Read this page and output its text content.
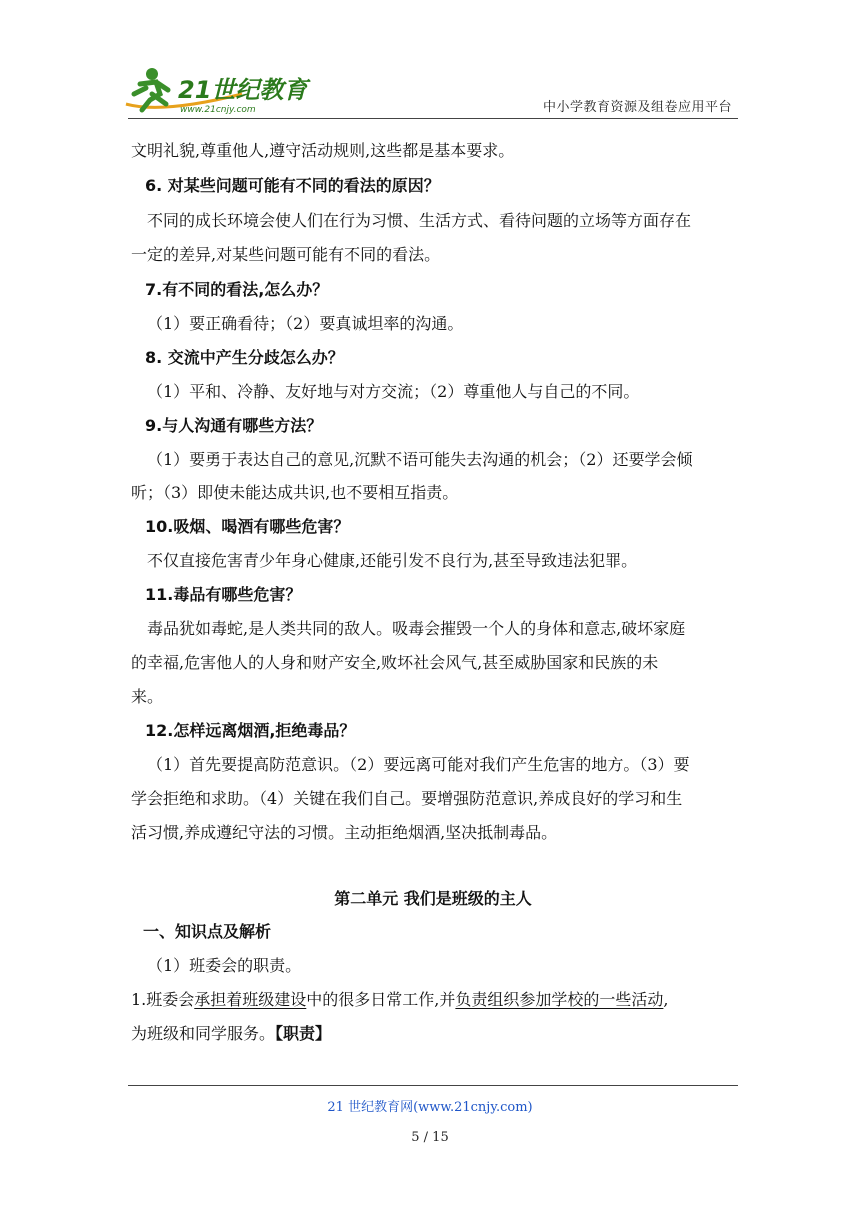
21世纪教育
www.21cnjy.com	中小学教育资源及组卷应用平台
文明礼貌,尊重他人,遵守活动规则,这些都是基本要求。
6. 对某些问题可能有不同的看法的原因？
不同的成长环境会使人们在行为习惯、生活方式、看待问题的立场等方面存在
一定的差异,对某些问题可能有不同的看法。
7.有不同的看法,怎么办？
（1）要正确看待；（2）要真诚坦率的沟通。
8. 交流中产生分歧怎么办？
（1）平和、冷静、友好地与对方交流；（2）尊重他人与自己的不同。
9.与人沟通有哪些方法？
（1）要勇于表达自己的意见,沉默不语可能失去沟通的机会；（2）还要学会倾
听；（3）即使未能达成共识,也不要相互指责。
10.吸烟、喝酒有哪些危害？
不仅直接危害青少年身心健康,还能引发不良行为,甚至导致违法犯罪。
11.毒品有哪些危害？
毒品犹如毒蛇,是人类共同的敌人。吸毒会摧毁一个人的身体和意志,破坏家庭
的幸福,危害他人的人身和财产安全,败坏社会风气,甚至威胁国家和民族的未
来。
12.怎样远离烟酒,拒绝毒品？
（1）首先要提高防范意识。（2）要远离可能对我们产生危害的地方。（3）要
学会拒绝和求助。（4）关键在我们自己。要增强防范意识,养成良好的学习和生
活习惯,养成遵纪守法的习惯。主动拒绝烟酒,坚决抵制毒品。
第二单元 我们是班级的主人
一、知识点及解析
（1）班委会的职责。
1.班委会承担着班级建设中的很多日常工作,并负责组织参加学校的一些活动,
为班级和同学服务。【职责】
21 世纪教育网(www.21cnjy.com)
5 / 15
